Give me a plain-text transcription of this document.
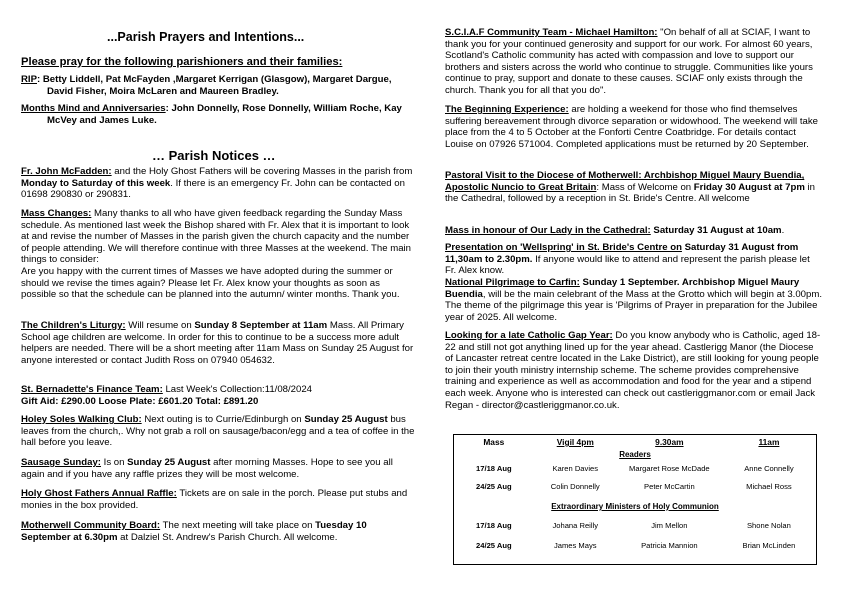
...Parish Prayers and Intentions...

Please pray for the following parishioners and their families:

RIP: Betty Liddell, Pat McFayden ,Margaret Kerrigan (Glasgow), Margaret Dargue, David Fisher, Moira McLaren and Maureen Bradley.

Months Mind and Anniversaries: John Donnelly, Rose Donnelly, William Roche, Kay McVey and James Luke.

… Parish Notices …

Fr. John McFadden: and the Holy Ghost Fathers will be covering Masses in the parish from Monday to Saturday of this week. If there is an emergency Fr. John can be contacted on 01698 290830 or 290831.

Mass Changes: Many thanks to all who have given feedback regarding the Sunday Mass schedule. As mentioned last week the Bishop shared with Fr. Alex that it is important to look at and revise the number of Masses in the parish given the church capacity and the number of people attending. We will therefore continue with three Masses at the weekend. The main things to consider:
Are you happy with the current times of Masses we have adopted during the summer or should we revise the times again? Please let Fr. Alex know your thoughts as soon as possible so that the schedule can be planned into the autumn/ winter months. Thank you.

The Children's Liturgy: Will resume on Sunday 8 September at 11am Mass. All Primary School age children are welcome. In order for this to continue to be a success more adult helpers are needed. There will be a short meeting after 11am Mass on Sunday 25 August for anyone interested or contact Judith Ross on 07940 054632.

St. Bernadette's Finance Team: Last Week's Collection:11/08/2024
Gift Aid: £290.00 Loose Plate: £601.20 Total: £891.20

Holey Soles Walking Club: Next outing is to Currie/Edinburgh on Sunday 25 August bus leaves from the church,. Why not grab a roll on sausage/bacon/egg and a tea of coffee in the hall before you leave.

Sausage Sunday: Is on Sunday 25 August after morning Masses. Hope to see you all again and if you have any raffle prizes they will be most welcome.

Holy Ghost Fathers Annual Raffle: Tickets are on sale in the porch. Please put stubs and monies in the box provided.

Motherwell Community Board: The next meeting will take place on Tuesday 10 September at 6.30pm at Dalziel St. Andrew's Parish Church. All welcome.

S.C.I.A.F Community Team - Michael Hamilton: "On behalf of all at SCIAF, I want to thank you for your continued generosity and support for our work. For almost 60 years, Scotland's Catholic community has acted with compassion and love to support our brothers and sisters across the world who continue to struggle. Communities like yours continue to pray, support and donate to these causes. SCIAF only exists through the church. Thank you for all that you do".

The Beginning Experience: are holding a weekend for those who find themselves suffering bereavement through divorce separation or widowhood. The weekend will take place from the 4 to 5 October at the Fonforti Centre Coatbridge. For details contact Louise on 07926 571004. Completed applications must be returned by 20 September.

Pastoral Visit to the Diocese of Motherwell: Archbishop Miguel Maury Buendia, Apostolic Nuncio to Great Britain: Mass of Welcome on Friday 30 August at 7pm in the Cathedral, followed by a reception in St. Bride's Centre. All welcome

Mass in honour of Our Lady in the Cathedral: Saturday 31 August at 10am.

Presentation on 'Wellspring' in St. Bride's Centre on Saturday 31 August from 11,30am to 2.30pm. If anyone would like to attend and represent the parish please let Fr. Alex know.

National Pilgrimage to Carfin: Sunday 1 September. Archbishop Miguel Maury Buendia, will be the main celebrant of the Mass at the Grotto which will begin at 3.00pm. The theme of the pilgrimage this year is 'Pilgrims of Prayer in preparation for the Jubilee year of 2025. All welcome.

Looking for a late Catholic Gap Year: Do you know anybody who is Catholic, aged 18-22 and still not got anything lined up for the year ahead. Castlerigg Manor (the Diocese of Lancaster retreat centre located in the Lake District), are still looking for young people to join their youth ministry internship scheme. The scheme provides comprehensive training and experience as well as accommodation and food for the year and a stipend each week. Anyone who is interested can check out castleriggmanor.com or email Jack Regan - director@castleriggmanor.co.uk.

Mass	Vigil 4pm	9.30am	11am
Readers			
17/18 Aug	Karen Davies	Margaret Rose McDade	Anne Connelly
24/25 Aug	Colin Donnelly	Peter McCartin	Michael Ross
Extraordinary Ministers of Holy Communion			
17/18 Aug	Johana Reilly	Jim Mellon	Shone Nolan
24/25 Aug	James Mays	Patricia Mannion	Brian McLinden
